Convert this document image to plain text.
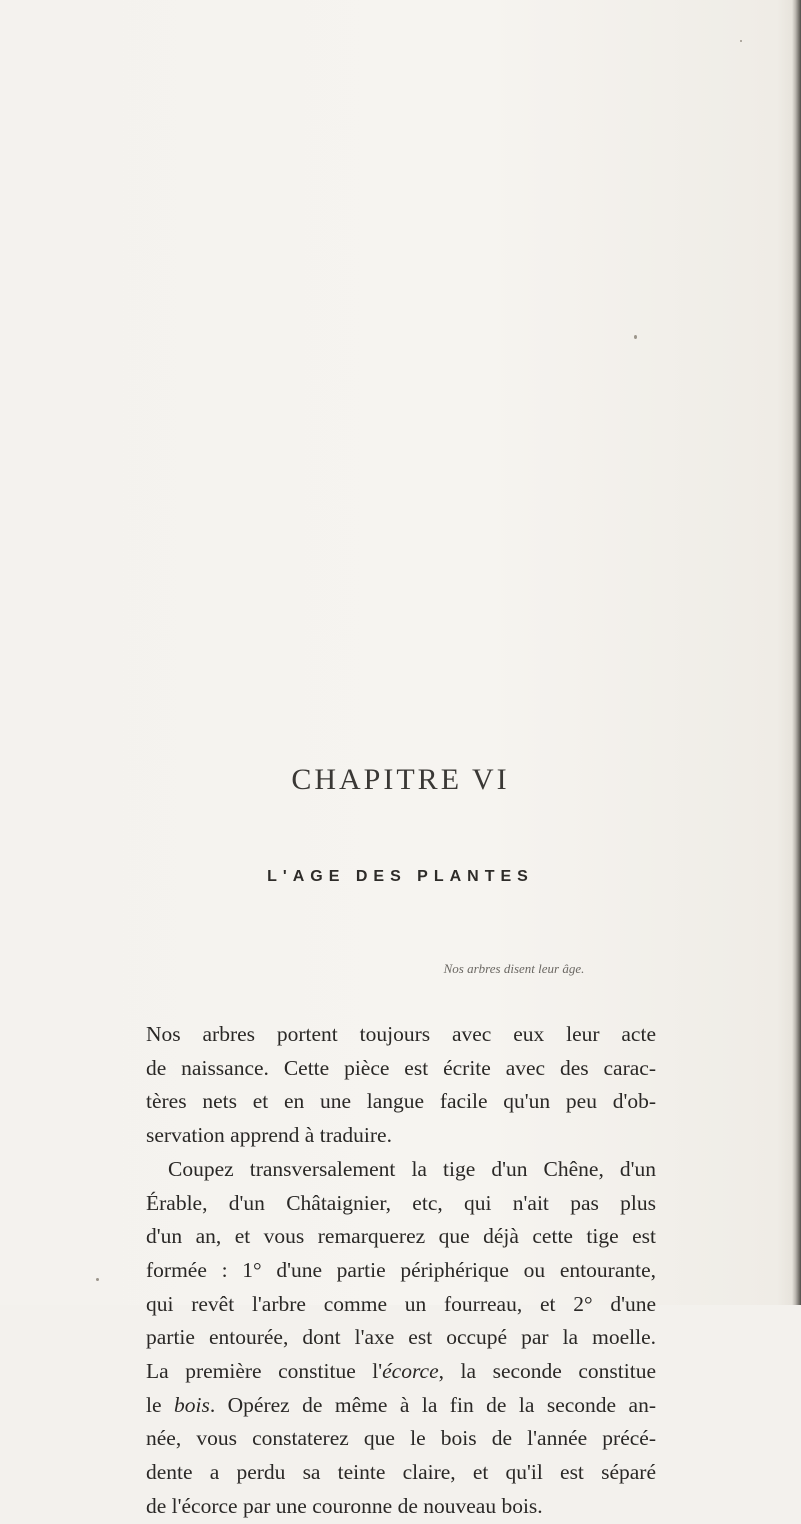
CHAPITRE VI
L'AGE DES PLANTES
Nos arbres disent leur âge.
Nos arbres portent toujours avec eux leur acte
de naissance. Cette pièce est écrite avec des carac-
tères nets et en une langue facile qu'un peu d'ob-
servation apprend à traduire.
Coupez transversalement la tige d'un Chêne, d'un
Érable, d'un Châtaignier, etc, qui n'ait pas plus
d'un an, et vous remarquerez que déjà cette tige est
formée : 1° d'une partie périphérique ou entourante,
qui revêt l'arbre comme un fourreau, et 2° d'une
partie entourée, dont l'axe est occupé par la moelle.
La première constitue l'écorce, la seconde constitue
le bois. Opérez de même à la fin de la seconde an-
née, vous constaterez que le bois de l'année précé-
dente a perdu sa teinte claire, et qu'il est séparé
de l'écorce par une couronne de nouveau bois.
